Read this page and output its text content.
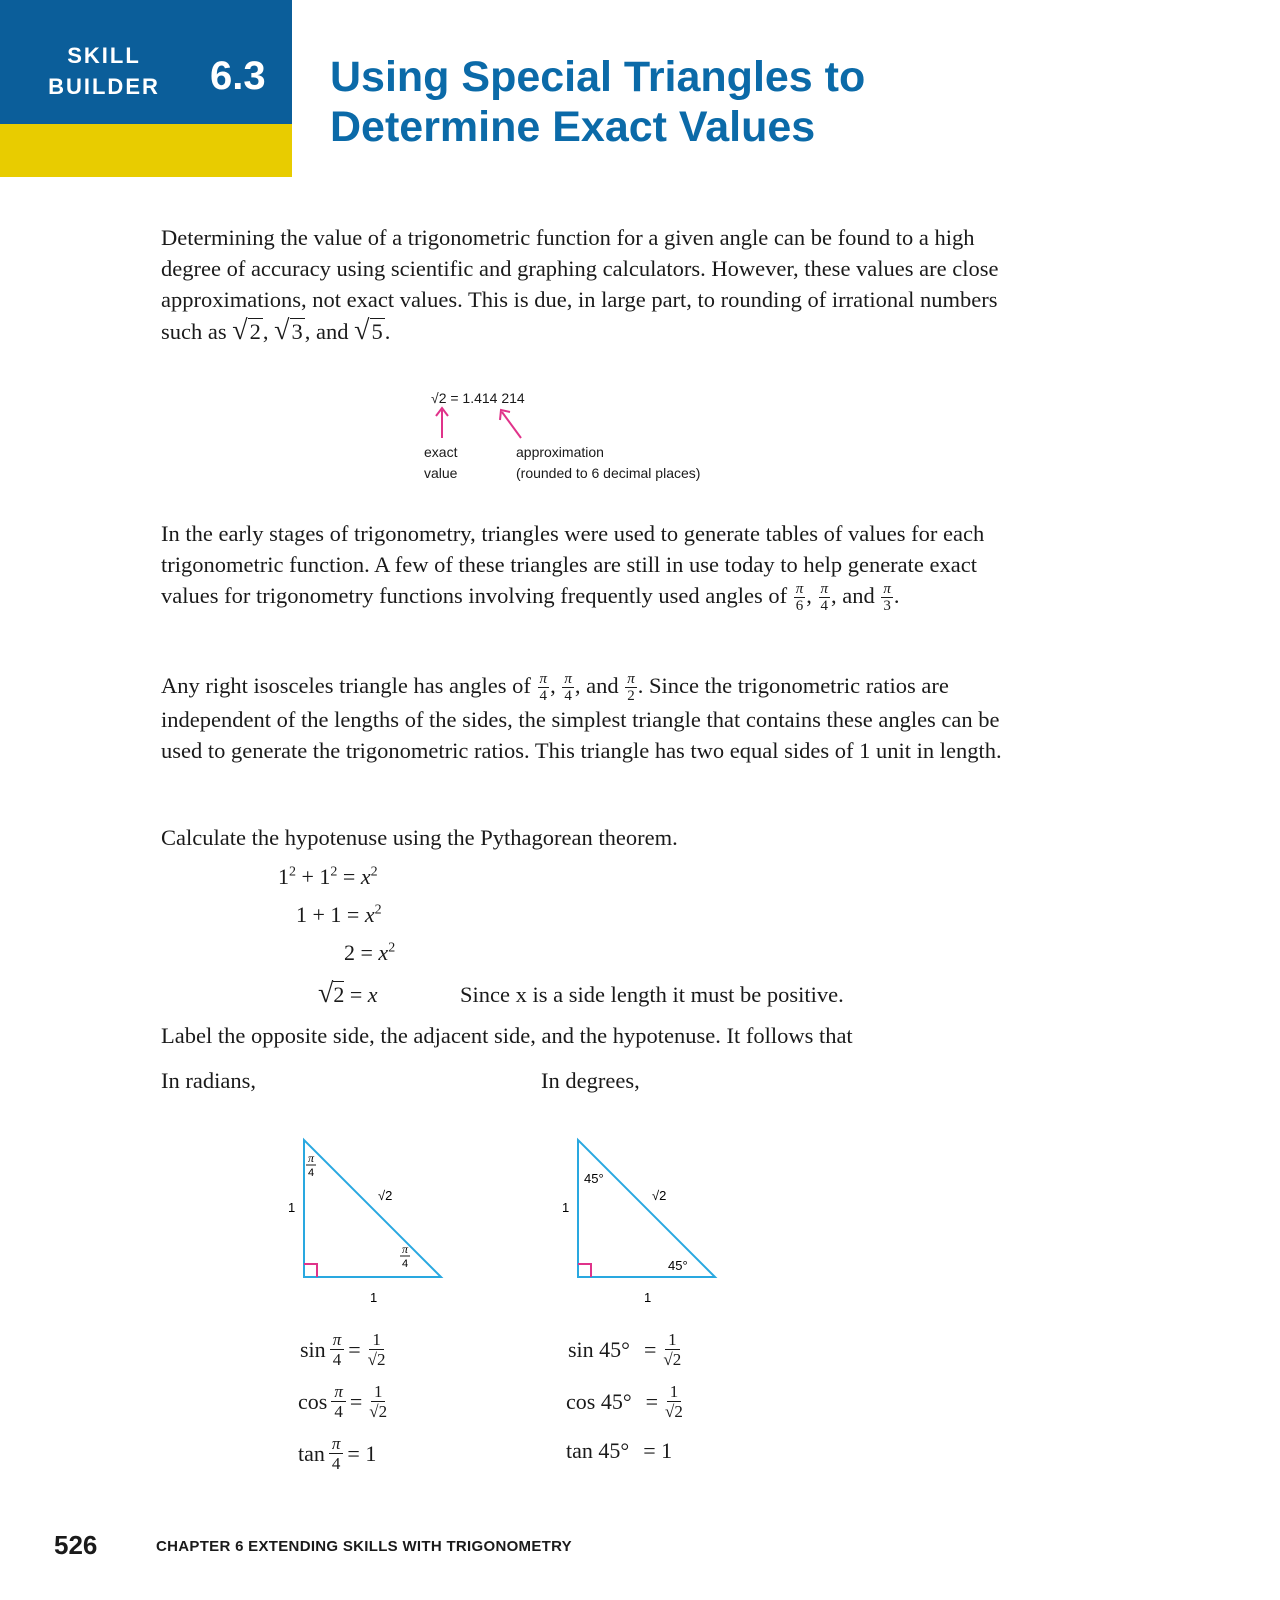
SKILL
BUILDER 6.3 Using Special Triangles to
Determine Exact Values
Determining the value of a trigonometric function for a given angle can be found to a high degree of accuracy using scientific and graphing calculators. However, these values are close approximations, not exact values. This is due, in large part, to rounding of irrational numbers such as √2, √3, and √5.
√2 = 1.414 214
exact
value
approximation
(rounded to 6 decimal places)
In the early stages of trigonometry, triangles were used to generate tables of values for each trigonometric function. A few of these triangles are still in use today to help generate exact values for trigonometry functions involving frequently used angles of $\frac{\pi}{6}$ , $\frac{\pi}{4}$ , and $\frac{\pi}{3}$ .
Any right isosceles triangle has angles of $\frac{\pi}{4}$ , $\frac{\pi}{4}$ , and $\frac{\pi}{2}$ . Since the trigonometric ratios are independent of the lengths of the sides, the simplest triangle that contains these angles can be used to generate the trigonometric ratios. This triangle has two equal sides of 1 unit in length.
Calculate the hypotenuse using the Pythagorean theorem.
$1^2 + 1^2 = x^2$
$1 + 1 = x^2$
$2 = x^2$
√2 = x	Since x is a side length it must be positive.
Label the opposite side, the adjacent side, and the hypotenuse. It follows that
In radians,	In degrees,
π
4
π
4
1
1
√2
45°
45°
1
1
√2
$\sin \frac{\pi}{4} = \frac{1}{√2}$
$\cos \frac{\pi}{4} = \frac{1}{√2}$
$\tan \frac{\pi}{4} = 1$
$\sin 45^\circ = \frac{1}{√2}$
$\cos 45^\circ = \frac{1}{√2}$
tan 45° = 1
526	CHAPTER 6 EXTENDING SKILLS WITH TRIGONOMETRY
